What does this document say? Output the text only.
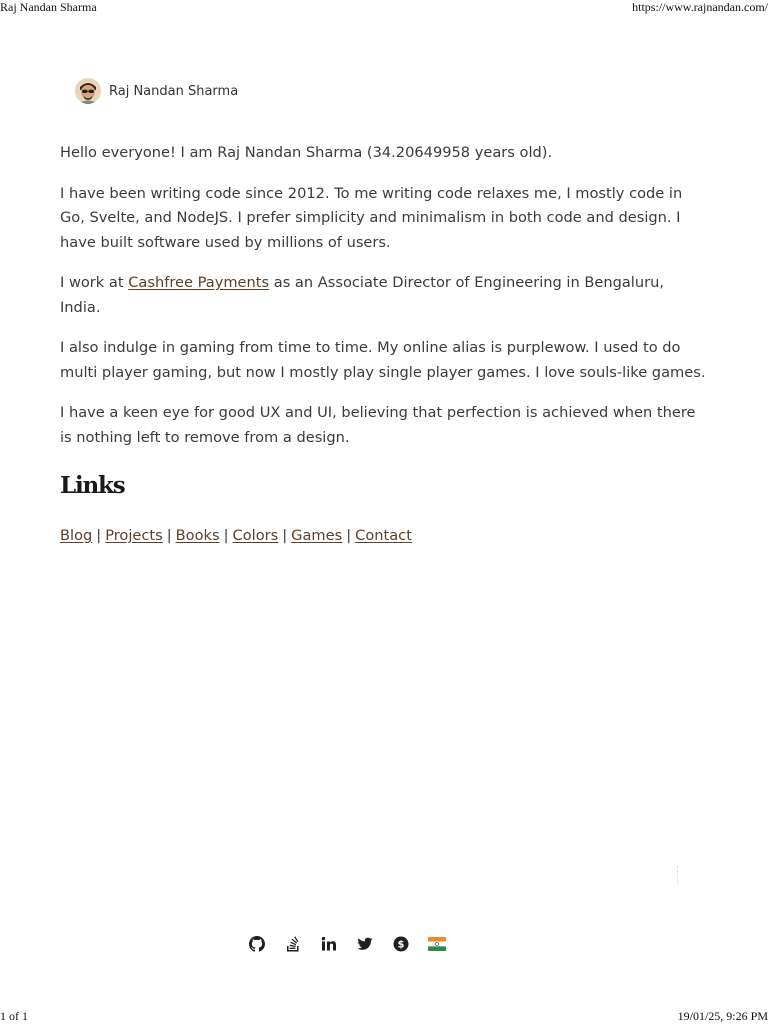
Raj Nandan Sharma	https://www.rajnandan.com/
Raj Nandan Sharma

Hello everyone! I am Raj Nandan Sharma (34.20649958 years old).

I have been writing code since 2012. To me writing code relaxes me, I mostly code in Go, Svelte, and NodeJS. I prefer simplicity and minimalism in both code and design. I have built software used by millions of users.

I work at Cashfree Payments as an Associate Director of Engineering in Bengaluru, India.

I also indulge in gaming from time to time. My online alias is purplewow. I used to do multi player gaming, but now I mostly play single player games. I love souls-like games.

I have a keen eye for good UX and UI, believing that perfection is achieved when there is nothing left to remove from a design.

Links
Blog | Projects | Books | Colors | Games | Contact
$
1 of 1	19/01/25, 9:26 PM
